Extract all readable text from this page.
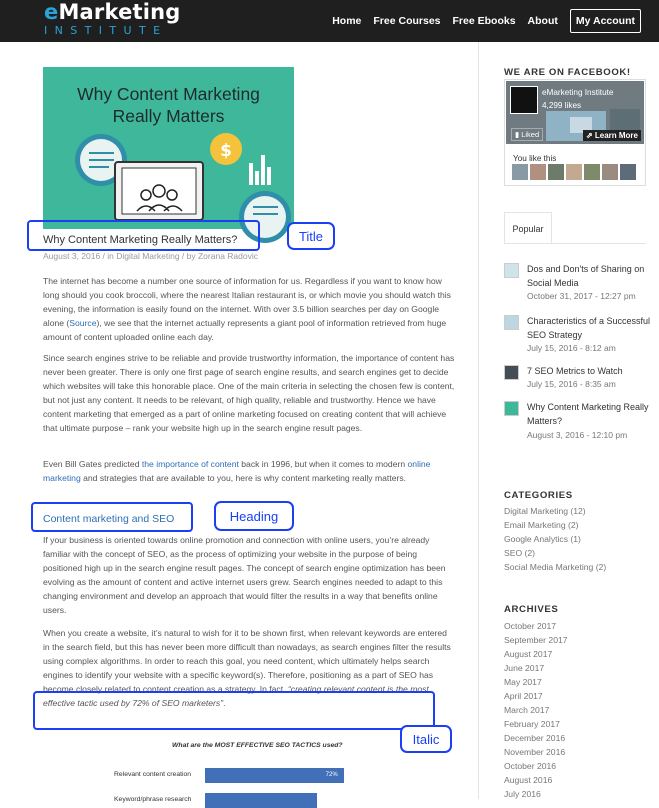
eMarketing
INSTITUTE
Home Free Courses Free Ebooks About	My Account
Why Content Marketing
Really Matters
$
Title
Why Content Marketing Really Matters?
August 3, 2016 / in Digital Marketing / by Zorana Radovic

The internet has become a number one source of information for us. Regardless if you want to know how long should you cook broccoli, where the nearest Italian restaurant is, or which movie you should watch this evening, the information is easily found on the internet. With over 3.5 billion searches per day on Google alone (Source), we see that the internet actually represents a giant pool of information retrieved from huge amount of content uploaded online each day.

Since search engines strive to be reliable and provide trustworthy information, the importance of content has never been greater. There is only one first page of search engine results, and search engines get to decide which websites will take this honorable place. One of the main criteria in selecting the chosen few is content, but not just any content. It needs to be relevant, of high quality, reliable and trustworthy. Hence we have content marketing that emerged as a part of online marketing focused on creating content that will achieve that ultimate purpose – rank your website high up in the search engine result pages.

Even Bill Gates predicted the importance of content back in 1996, but when it comes to modern online marketing and strategies that are available to you, here is why content marketing really matters.

Heading
Content marketing and SEO

If your business is oriented towards online promotion and connection with online users, you’re already familiar with the concept of SEO, as the process of optimizing your website in the purpose of being positioned high up in the search engine result pages. The concept of search engine optimization has been evolving as the amount of content and active internet users grew. Search engines needed to adapt to this changing environment and develop an approach that would filter the results in a way that benefits online users.

When you create a website, it’s natural to wish for it to be shown first, when relevant keywords are entered in the search field, but this has never been more difficult than nowadays, as search engines filter the results using complex algorithms. In order to reach this goal, you need content, which ultimately helps search engines to identify your website with a specific keyword(s). Therefore, positioning as a part of SEO has become closely related to content creation as a strategy. In fact, “creating relevant content is the most effective tactic used by 72% of SEO marketers”.

Italic
What are the MOST EFFECTIVE SEO TACTICS used?
Relevant content creation	72%
Keyword/phrase research
WE ARE ON FACEBOOK!
eMarketing Institute
4,299 likes
▮ Liked	⇗ Learn More
You like this
Popular
Dos and Don'ts of Sharing on Social Media
October 31, 2017 - 12:27 pm
Characteristics of a Successful SEO Strategy
July 15, 2016 - 8:12 am
7 SEO Metrics to Watch
July 15, 2016 - 8:35 am
Why Content Marketing Really Matters?
August 3, 2016 - 12:10 pm
CATEGORIES
Digital Marketing (12)
Email Marketing (2)
Google Analytics (1)
SEO (2)
Social Media Marketing (2)
ARCHIVES
October 2017
September 2017
August 2017
June 2017
May 2017
April 2017
March 2017
February 2017
December 2016
November 2016
October 2016
August 2016
July 2016
